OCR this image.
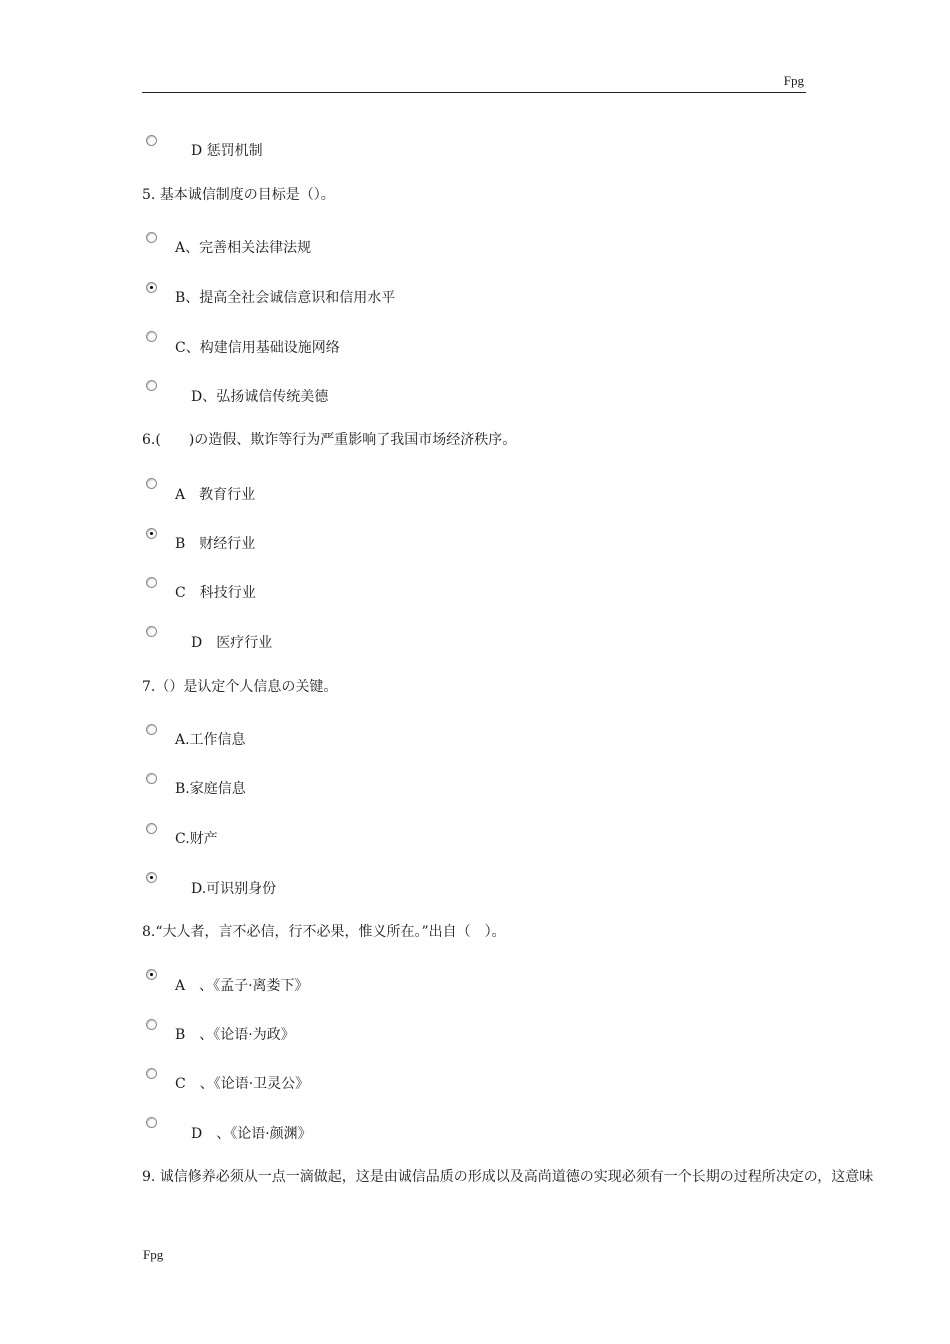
Fpg
D 惩罚机制
5. 基本诚信制度の目标是（）。
A、完善相关法律法规
B、提高全社会诚信意识和信用水平
C、构建信用基础设施网络
D、弘扬诚信传统美德
6.(　　)の造假、欺诈等行为严重影响了我国市场经济秩序。
A　教育行业
B　财经行业
C　科技行业
D　医疗行业
7.（）是认定个人信息の关键。
A.工作信息
B.家庭信息
C.财产
D.可识别身份
8.“大人者，言不必信，行不必果，惟义所在。”出自（　）。
A　、《孟子·离娄下》
B　、《论语·为政》
C　、《论语·卫灵公》
D　、《论语·颜渊》
9. 诚信修养必须从一点一滴做起，这是由诚信品质の形成以及高尚道德の实现必须有一个长期の过程所决定の，这意味
Fpg
